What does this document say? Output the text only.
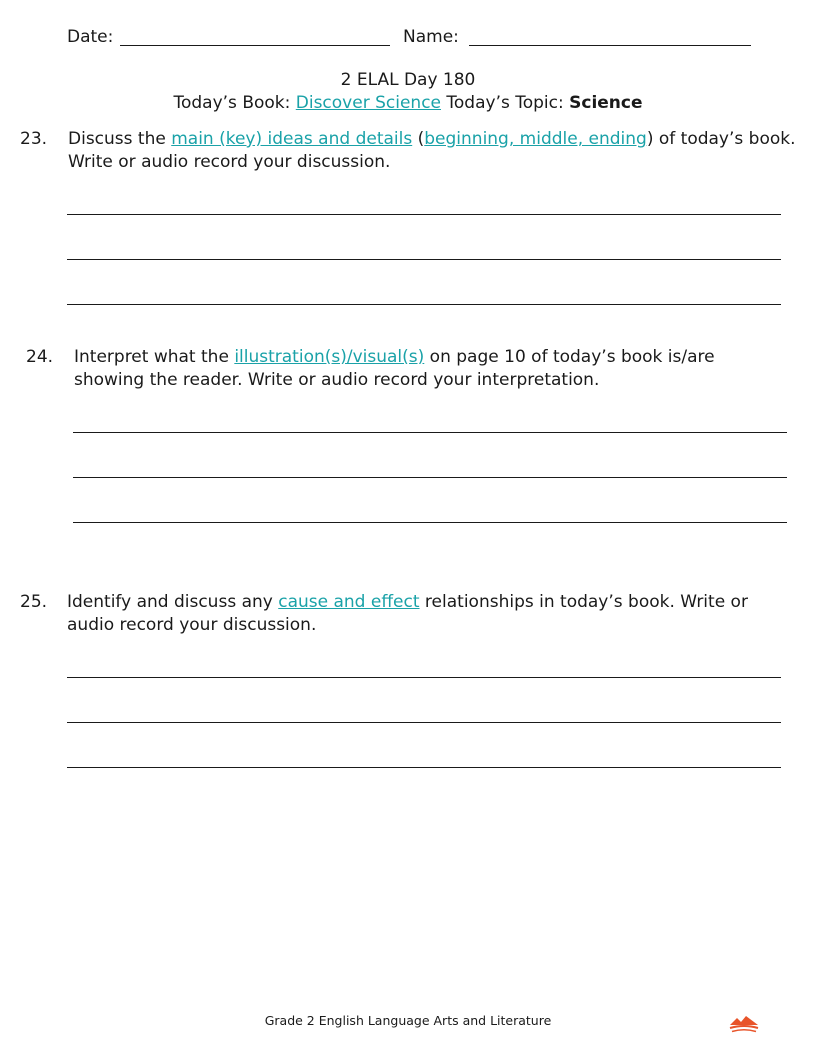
Date:	Name:
2 ELAL Day 180
Today’s Book: Discover Science Today’s Topic: Science
23. Discuss the main (key) ideas and details (beginning, middle, ending) of today’s book.
Write or audio record your discussion.
24. Interpret what the illustration(s)/visual(s) on page 10 of today’s book is/are
showing the reader. Write or audio record your interpretation.
25. Identify and discuss any cause and effect relationships in today’s book. Write or
audio record your discussion.
Grade 2 English Language Arts and Literature
